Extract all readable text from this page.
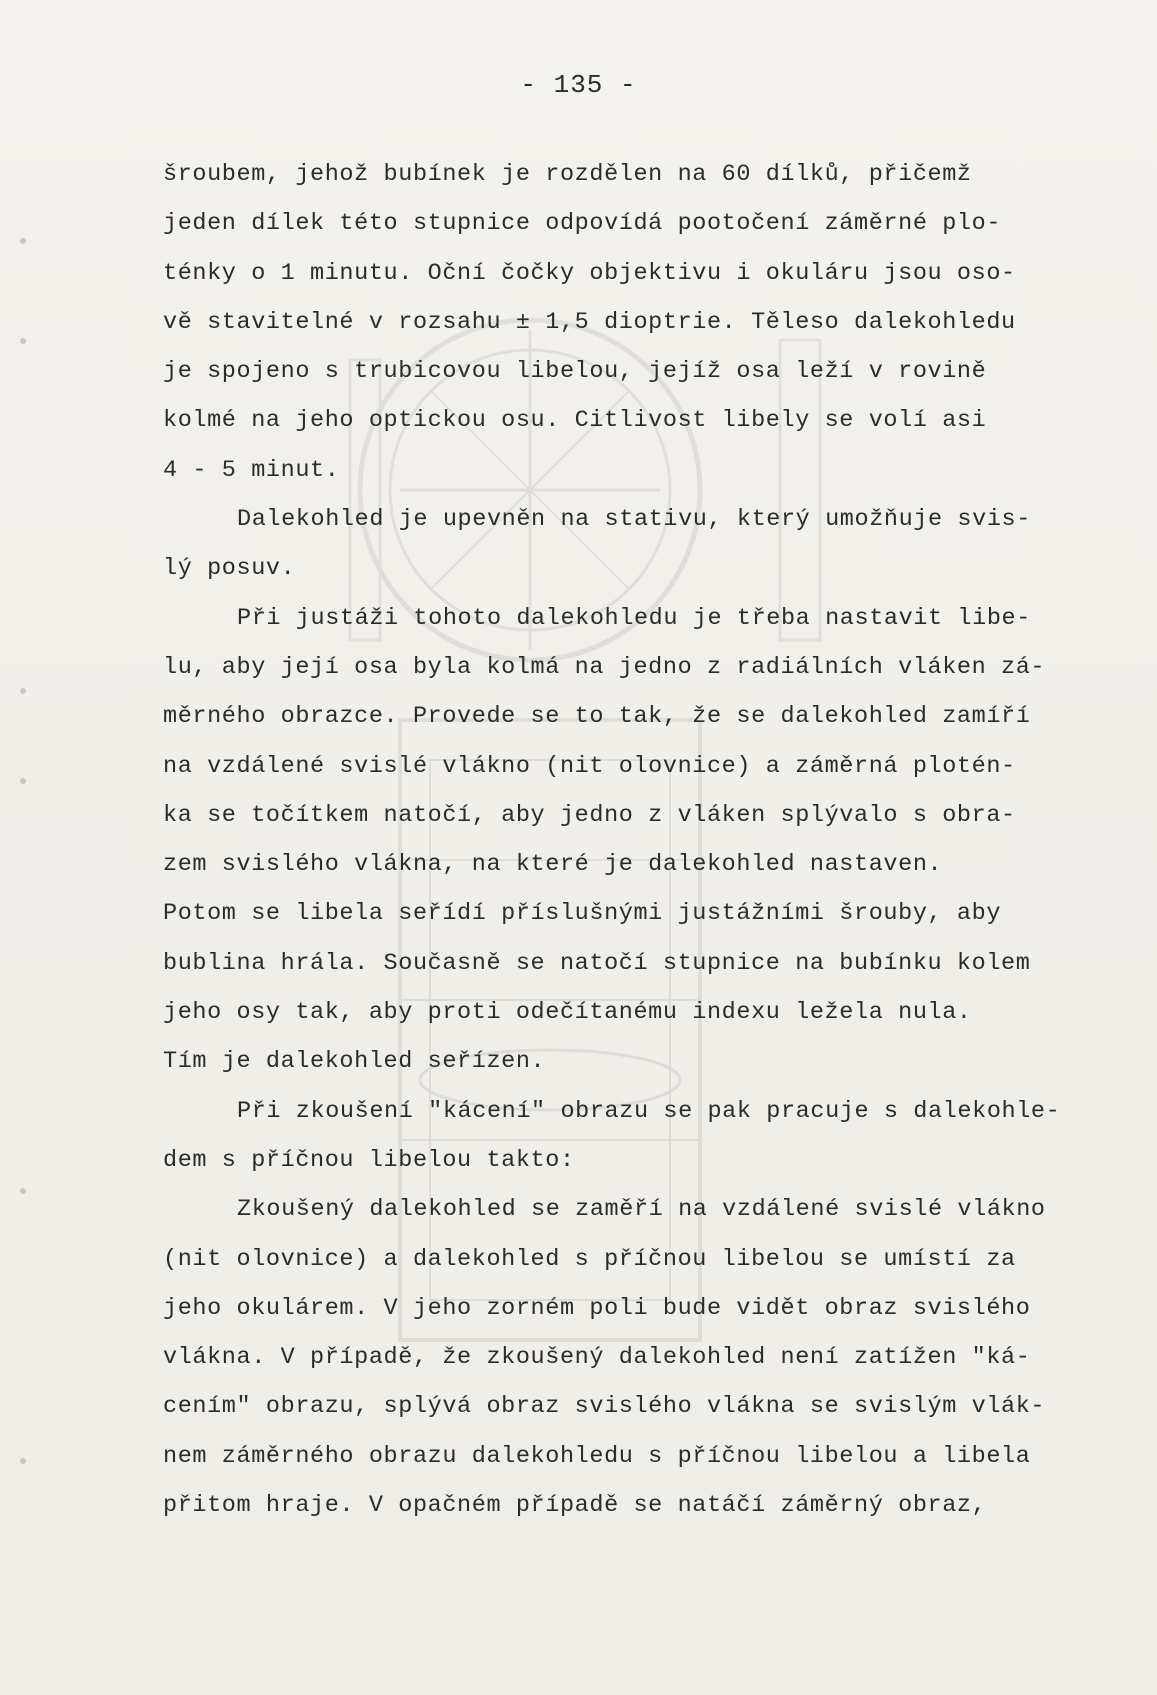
- 135 -
šroubem, jehož bubínek je rozdělen na 60 dílků, přičemž
jeden dílek této stupnice odpovídá pootočení záměrné plo-
ténky o 1 minutu. Oční čočky objektivu i okuláru jsou oso-
vě stavitelné v rozsahu ± 1,5 dioptrie. Těleso dalekohledu
je spojeno s trubicovou libelou, jejíž osa leží v rovině
kolmé na jeho optickou osu. Citlivost libely se volí asi
4 - 5 minut.
Dalekohled je upevněn na stativu, který umožňuje svis-
lý posuv.
Při justáži tohoto dalekohledu je třeba nastavit libe-
lu, aby její osa byla kolmá na jedno z radiálních vláken zá-
měrného obrazce. Provede se to tak, že se dalekohled zamíří
na vzdálené svislé vlákno (nit olovnice) a záměrná plotén-
ka se točítkem natočí, aby jedno z vláken splývalo s obra-
zem svislého vlákna, na které je dalekohled nastaven.
Potom se libela seřídí příslušnými justážními šrouby, aby
bublina hrála. Současně se natočí stupnice na bubínku kolem
jeho osy tak, aby proti odečítanému indexu ležela nula.
Tím je dalekohled seřízen.
Při zkoušení "kácení" obrazu se pak pracuje s dalekohle-
dem s příčnou libelou takto:
Zkoušený dalekohled se zaměří na vzdálené svislé vlákno
(nit olovnice) a dalekohled s příčnou libelou se umístí za
jeho okulárem. V jeho zorném poli bude vidět obraz svislého
vlákna. V případě, že zkoušený dalekohled není zatížen "ká-
cením" obrazu, splývá obraz svislého vlákna se svislým vlák-
nem záměrného obrazu dalekohledu s příčnou libelou a libela
přitom hraje. V opačném případě se natáčí záměrný obraz,
